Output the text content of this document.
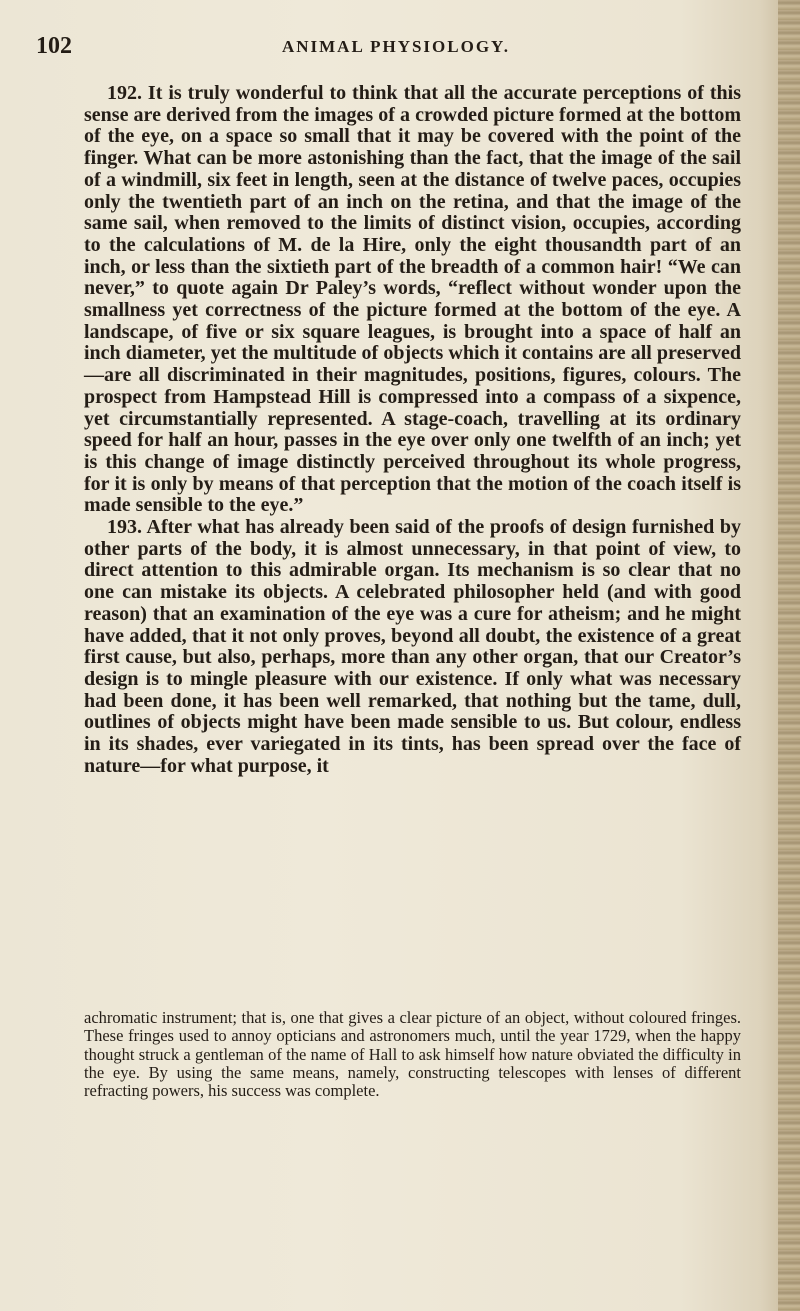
102	ANIMAL PHYSIOLOGY.

192. It is truly wonderful to think that all the accurate perceptions of this sense are derived from the images of a crowded picture formed at the bottom of the eye, on a space so small that it may be covered with the point of the finger. What can be more astonishing than the fact, that the image of the sail of a windmill, six feet in length, seen at the distance of twelve paces, occupies only the twentieth part of an inch on the retina, and that the image of the same sail, when removed to the limits of distinct vision, occupies, according to the calculations of M. de la Hire, only the eight thousandth part of an inch, or less than the sixtieth part of the breadth of a common hair! “We can never,” to quote again Dr Paley’s words, “reflect without wonder upon the smallness yet correctness of the picture formed at the bottom of the eye. A landscape, of five or six square leagues, is brought into a space of half an inch diameter, yet the multitude of objects which it contains are all preserved—are all discriminated in their magnitudes, positions, figures, colours. The prospect from Hampstead Hill is compressed into a compass of a sixpence, yet circumstantially represented. A stage-coach, travelling at its ordinary speed for half an hour, passes in the eye over only one twelfth of an inch; yet is this change of image distinctly perceived throughout its whole progress, for it is only by means of that perception that the motion of the coach itself is made sensible to the eye.”

193. After what has already been said of the proofs of design furnished by other parts of the body, it is almost unnecessary, in that point of view, to direct attention to this admirable organ. Its mechanism is so clear that no one can mistake its objects. A celebrated philosopher held (and with good reason) that an examination of the eye was a cure for atheism; and he might have added, that it not only proves, beyond all doubt, the existence of a great first cause, but also, perhaps, more than any other organ, that our Creator’s design is to mingle pleasure with our existence. If only what was necessary had been done, it has been well remarked, that nothing but the tame, dull, outlines of objects might have been made sensible to us. But colour, endless in its shades, ever variegated in its tints, has been spread over the face of nature—for what purpose, it

achromatic instrument; that is, one that gives a clear picture of an object, without coloured fringes. These fringes used to annoy opticians and astronomers much, until the year 1729, when the happy thought struck a gentleman of the name of Hall to ask himself how nature obviated the difficulty in the eye. By using the same means, namely, constructing telescopes with lenses of different refracting powers, his success was complete.
